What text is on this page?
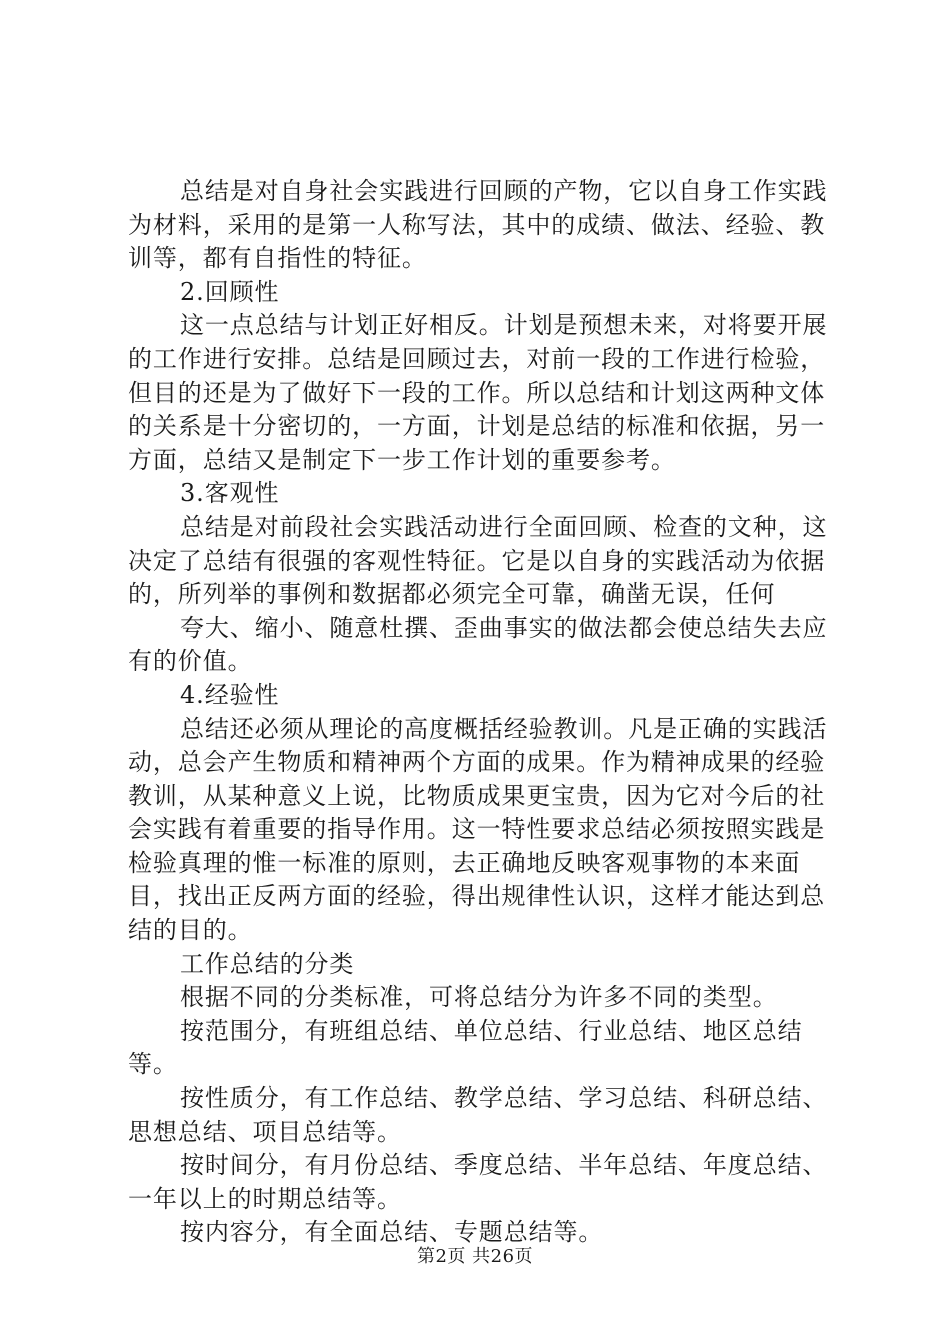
总结是对自身社会实践进行回顾的产物，它以自身工作实践为材料，采用的是第一人称写法，其中的成绩、做法、经验、教训等，都有自指性的特征。

2.回顾性

这一点总结与计划正好相反。计划是预想未来，对将要开展的工作进行安排。总结是回顾过去，对前一段的工作进行检验，但目的还是为了做好下一段的工作。所以总结和计划这两种文体的关系是十分密切的，一方面，计划是总结的标准和依据，另一方面，总结又是制定下一步工作计划的重要参考。

3.客观性

总结是对前段社会实践活动进行全面回顾、检查的文种，这决定了总结有很强的客观性特征。它是以自身的实践活动为依据的，所列举的事例和数据都必须完全可靠，确凿无误，任何

夸大、缩小、随意杜撰、歪曲事实的做法都会使总结失去应有的价值。

4.经验性

总结还必须从理论的高度概括经验教训。凡是正确的实践活动，总会产生物质和精神两个方面的成果。作为精神成果的经验教训，从某种意义上说，比物质成果更宝贵，因为它对今后的社会实践有着重要的指导作用。这一特性要求总结必须按照实践是检验真理的惟一标准的原则，去正确地反映客观事物的本来面目，找出正反两方面的经验，得出规律性认识，这样才能达到总结的目的。

工作总结的分类

根据不同的分类标准，可将总结分为许多不同的类型。

按范围分，有班组总结、单位总结、行业总结、地区总结等。

按性质分，有工作总结、教学总结、学习总结、科研总结、思想总结、项目总结等。

按时间分，有月份总结、季度总结、半年总结、年度总结、一年以上的时期总结等。

按内容分，有全面总结、专题总结等。

第2页 共26页
